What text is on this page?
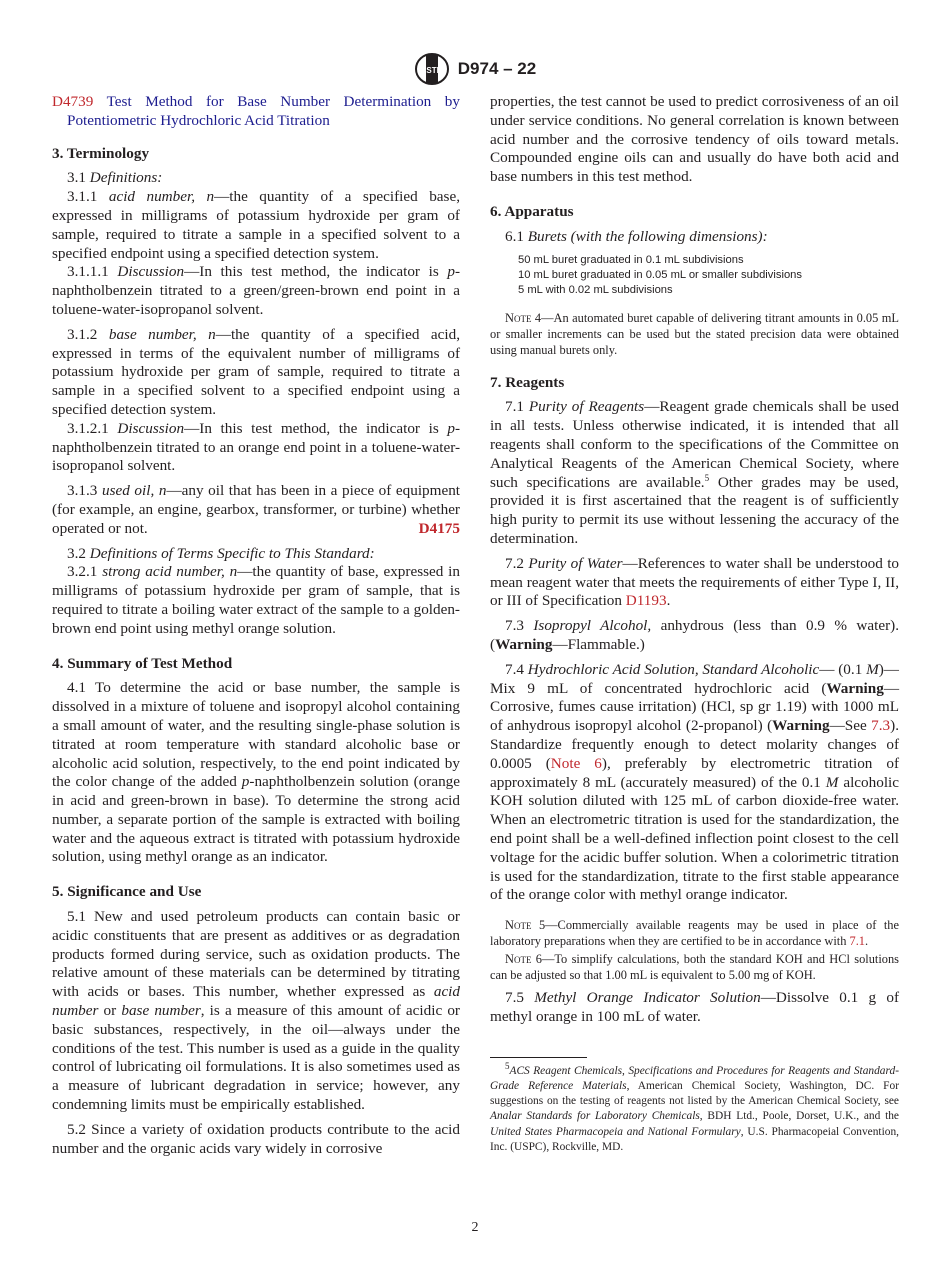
ASTM D974 – 22

D4739 Test Method for Base Number Determination by Potentiometric Hydrochloric Acid Titration

3. Terminology

3.1 Definitions:

3.1.1 acid number, n—the quantity of a specified base, expressed in milligrams of potassium hydroxide per gram of sample, required to titrate a sample in a specified solvent to a specified endpoint using a specified detection system.

3.1.1.1 Discussion—In this test method, the indicator is p-naphtholbenzein titrated to a green/green-brown end point in a toluene-water-isopropanol solvent.

3.1.2 base number, n—the quantity of a specified acid, expressed in terms of the equivalent number of milligrams of potassium hydroxide per gram of sample, required to titrate a sample in a specified solvent to a specified endpoint using a specified detection system.

3.1.2.1 Discussion—In this test method, the indicator is p-naphtholbenzein titrated to an orange end point in a toluene-water-isopropanol solvent.

3.1.3 used oil, n—any oil that has been in a piece of equipment (for example, an engine, gearbox, transformer, or turbine) whether operated or not.	D4175

3.2 Definitions of Terms Specific to This Standard:

3.2.1 strong acid number, n—the quantity of base, expressed in milligrams of potassium hydroxide per gram of sample, that is required to titrate a boiling water extract of the sample to a golden-brown end point using methyl orange solution.

4. Summary of Test Method

4.1 To determine the acid or base number, the sample is dissolved in a mixture of toluene and isopropyl alcohol containing a small amount of water, and the resulting single-phase solution is titrated at room temperature with standard alcoholic base or alcoholic acid solution, respectively, to the end point indicated by the color change of the added p-naphtholbenzein solution (orange in acid and green-brown in base). To determine the strong acid number, a separate portion of the sample is extracted with boiling water and the aqueous extract is titrated with potassium hydroxide solution, using methyl orange as an indicator.

5. Significance and Use

5.1 New and used petroleum products can contain basic or acidic constituents that are present as additives or as degradation products formed during service, such as oxidation products. The relative amount of these materials can be determined by titrating with acids or bases. This number, whether expressed as acid number or base number, is a measure of this amount of acidic or basic substances, respectively, in the oil—always under the conditions of the test. This number is used as a guide in the quality control of lubricating oil formulations. It is also sometimes used as a measure of lubricant degradation in service; however, any condemning limits must be empirically established.

5.2 Since a variety of oxidation products contribute to the acid number and the organic acids vary widely in corrosive

properties, the test cannot be used to predict corrosiveness of an oil under service conditions. No general correlation is known between acid number and the corrosive tendency of oils toward metals. Compounded engine oils can and usually do have both acid and base numbers in this test method.

6. Apparatus

6.1 Burets (with the following dimensions):

50 mL buret graduated in 0.1 mL subdivisions
10 mL buret graduated in 0.05 mL or smaller subdivisions
5 mL with 0.02 mL subdivisions

Note 4—An automated buret capable of delivering titrant amounts in 0.05 mL or smaller increments can be used but the stated precision data were obtained using manual burets only.

7. Reagents

7.1 Purity of Reagents—Reagent grade chemicals shall be used in all tests. Unless otherwise indicated, it is intended that all reagents shall conform to the specifications of the Committee on Analytical Reagents of the American Chemical Society, where such specifications are available.$^5$ Other grades may be used, provided it is first ascertained that the reagent is of sufficiently high purity to permit its use without lessening the accuracy of the determination.

7.2 Purity of Water—References to water shall be understood to mean reagent water that meets the requirements of either Type I, II, or III of Specification D1193.

7.3 Isopropyl Alcohol, anhydrous (less than 0.9 % water). (Warning—Flammable.)

7.4 Hydrochloric Acid Solution, Standard Alcoholic— (0.1 M)—Mix 9 mL of concentrated hydrochloric acid (Warning—Corrosive, fumes cause irritation) (HCl, sp gr 1.19) with 1000 mL of anhydrous isopropyl alcohol (2-propanol) (Warning—See 7.3). Standardize frequently enough to detect molarity changes of 0.0005 (Note 6), preferably by electrometric titration of approximately 8 mL (accurately measured) of the 0.1 M alcoholic KOH solution diluted with 125 mL of carbon dioxide-free water. When an electrometric titration is used for the standardization, the end point shall be a well-defined inflection point closest to the cell voltage for the acidic buffer solution. When a colorimetric titration is used for the standardization, titrate to the first stable appearance of the orange color with methyl orange indicator.

Note 5—Commercially available reagents may be used in place of the laboratory preparations when they are certified to be in accordance with 7.1.

Note 6—To simplify calculations, both the standard KOH and HCl solutions can be adjusted so that 1.00 mL is equivalent to 5.00 mg of KOH.

7.5 Methyl Orange Indicator Solution—Dissolve 0.1 g of methyl orange in 100 mL of water.

$^5$ACS Reagent Chemicals, Specifications and Procedures for Reagents and Standard-Grade Reference Materials, American Chemical Society, Washington, DC. For suggestions on the testing of reagents not listed by the American Chemical Society, see Analar Standards for Laboratory Chemicals, BDH Ltd., Poole, Dorset, U.K., and the United States Pharmacopeia and National Formulary, U.S. Pharmacopeial Convention, Inc. (USPC), Rockville, MD.

2
